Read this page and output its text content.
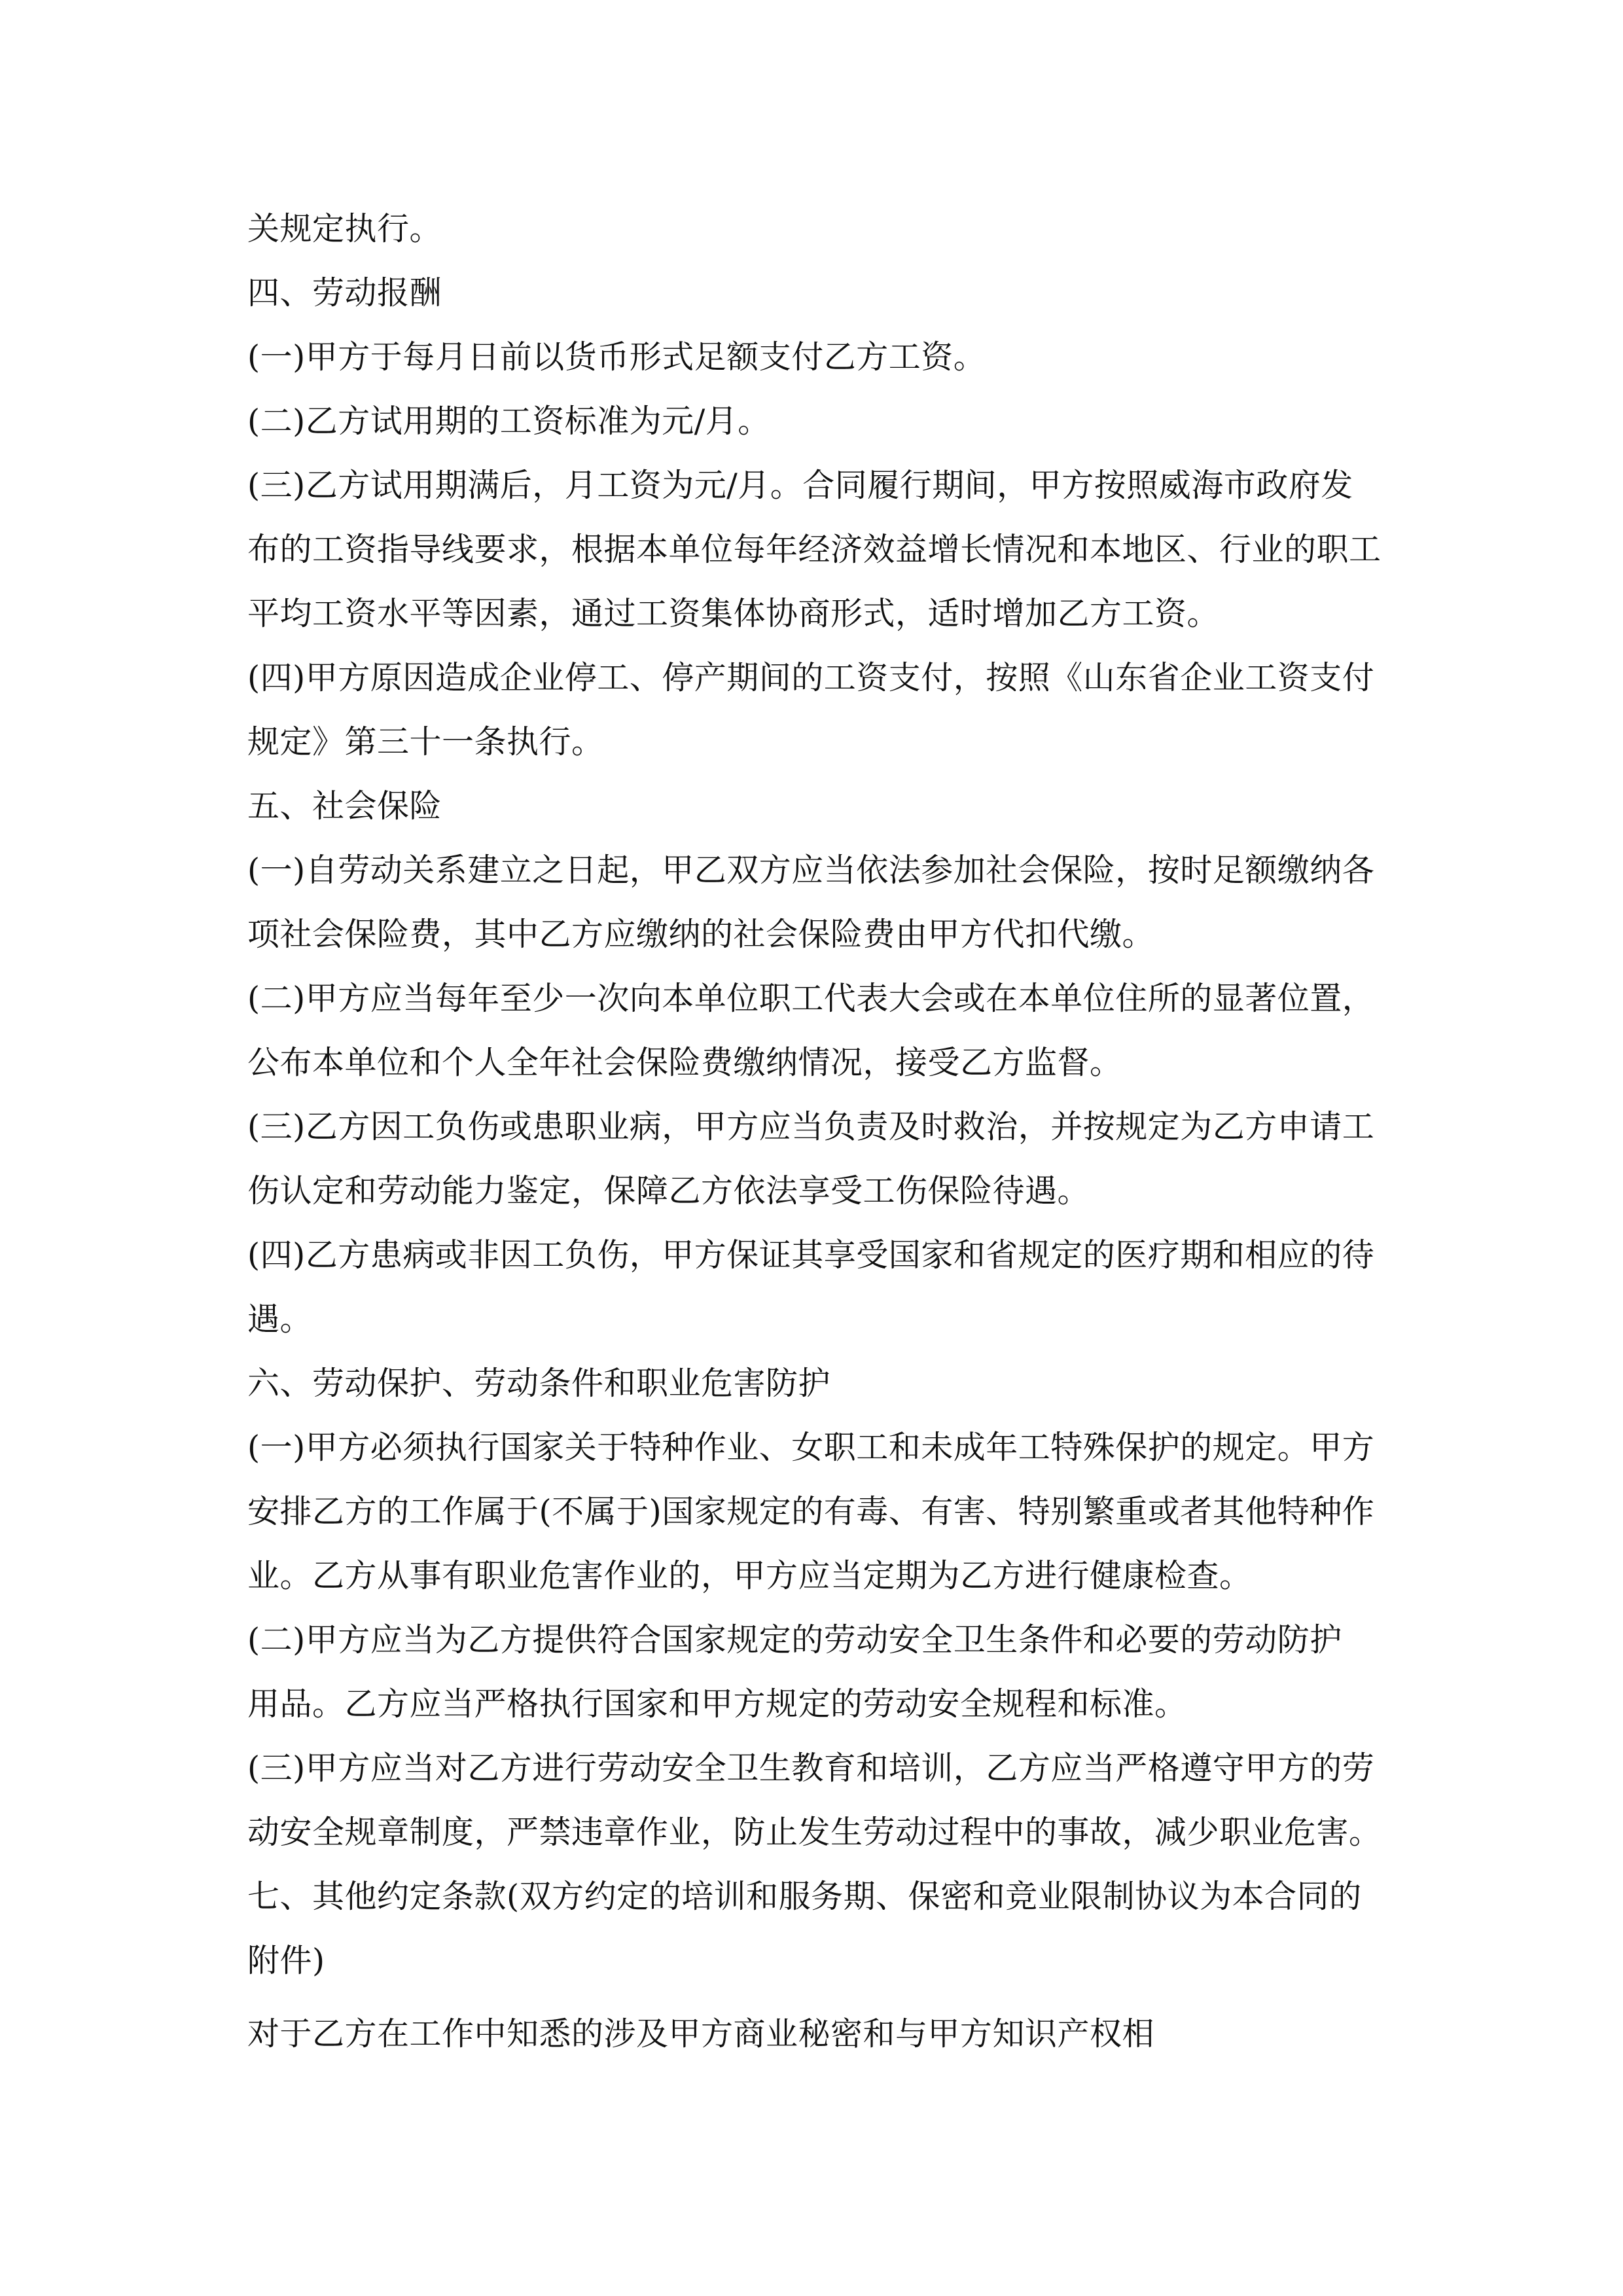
关规定执行。
四、劳动报酬
(一)甲方于每月日前以货币形式足额支付乙方工资。
(二)乙方试用期的工资标准为元/月。
(三)乙方试用期满后，月工资为元/月。合同履行期间，甲方按照威海市政府发
布的工资指导线要求，根据本单位每年经济效益增长情况和本地区、行业的职工
平均工资水平等因素，通过工资集体协商形式，适时增加乙方工资。
(四)甲方原因造成企业停工、停产期间的工资支付，按照《山东省企业工资支付
规定》第三十一条执行。
五、社会保险
(一)自劳动关系建立之日起，甲乙双方应当依法参加社会保险，按时足额缴纳各
项社会保险费，其中乙方应缴纳的社会保险费由甲方代扣代缴。
(二)甲方应当每年至少一次向本单位职工代表大会或在本单位住所的显著位置，
公布本单位和个人全年社会保险费缴纳情况，接受乙方监督。
(三)乙方因工负伤或患职业病，甲方应当负责及时救治，并按规定为乙方申请工
伤认定和劳动能力鉴定，保障乙方依法享受工伤保险待遇。
(四)乙方患病或非因工负伤，甲方保证其享受国家和省规定的医疗期和相应的待
遇。
六、劳动保护、劳动条件和职业危害防护
(一)甲方必须执行国家关于特种作业、女职工和未成年工特殊保护的规定。甲方
安排乙方的工作属于(不属于)国家规定的有毒、有害、特别繁重或者其他特种作
业。乙方从事有职业危害作业的，甲方应当定期为乙方进行健康检查。
(二)甲方应当为乙方提供符合国家规定的劳动安全卫生条件和必要的劳动防护
用品。乙方应当严格执行国家和甲方规定的劳动安全规程和标准。
(三)甲方应当对乙方进行劳动安全卫生教育和培训，乙方应当严格遵守甲方的劳
动安全规章制度，严禁违章作业，防止发生劳动过程中的事故，减少职业危害。
七、其他约定条款(双方约定的培训和服务期、保密和竞业限制协议为本合同的
附件)
对于乙方在工作中知悉的涉及甲方商业秘密和与甲方知识产权相
